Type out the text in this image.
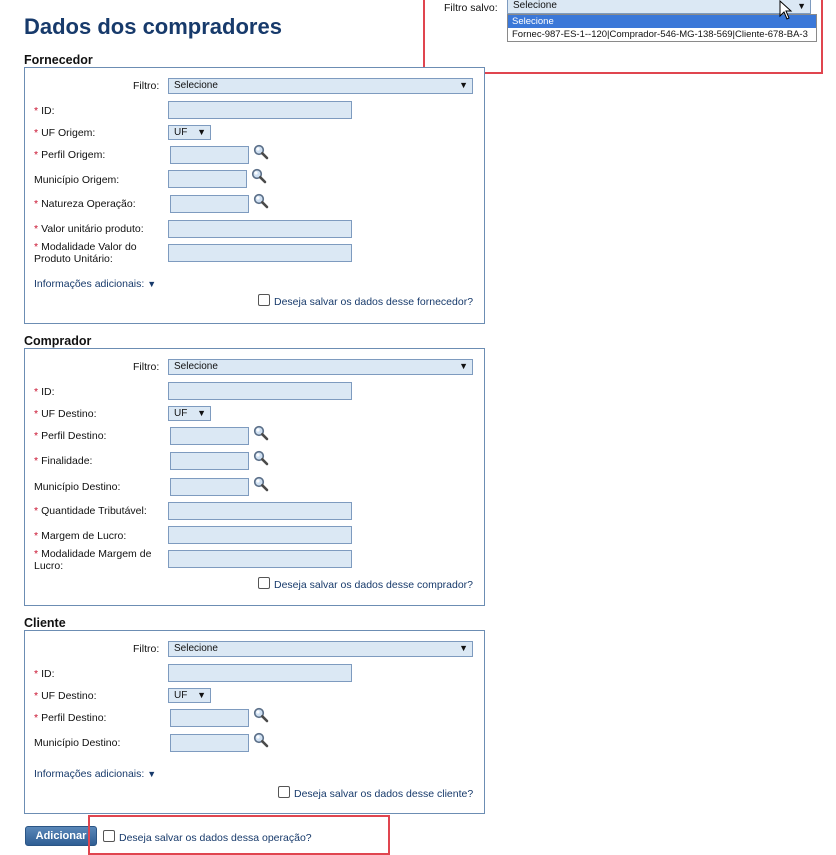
Dados dos compradores
Filtro salvo:	Selecione	▼
Selecione
Fornec-987-ES-1--120|Comprador-546-MG-138-569|Cliente-678-BA-3
Fornecedor
Filtro:	Selecione	▼
* ID:
* UF Origem:	UF ▼
* Perfil Origem:
Município Origem:
* Natureza Operação:
* Valor unitário produto:
* Modalidade Valor do
Produto Unitário:
Informações adicionais: ▼
Deseja salvar os dados desse fornecedor?
Comprador
Filtro:	Selecione	▼
* ID:
* UF Destino:	UF ▼
* Perfil Destino:
* Finalidade:
Município Destino:
* Quantidade Tributável:
* Margem de Lucro:
* Modalidade Margem de
Lucro:
Deseja salvar os dados desse comprador?
Cliente
Filtro:	Selecione	▼
* ID:
* UF Destino:	UF ▼
* Perfil Destino:
Município Destino:
Informações adicionais: ▼
Deseja salvar os dados desse cliente?
Adicionar	Deseja salvar os dados dessa operação?
